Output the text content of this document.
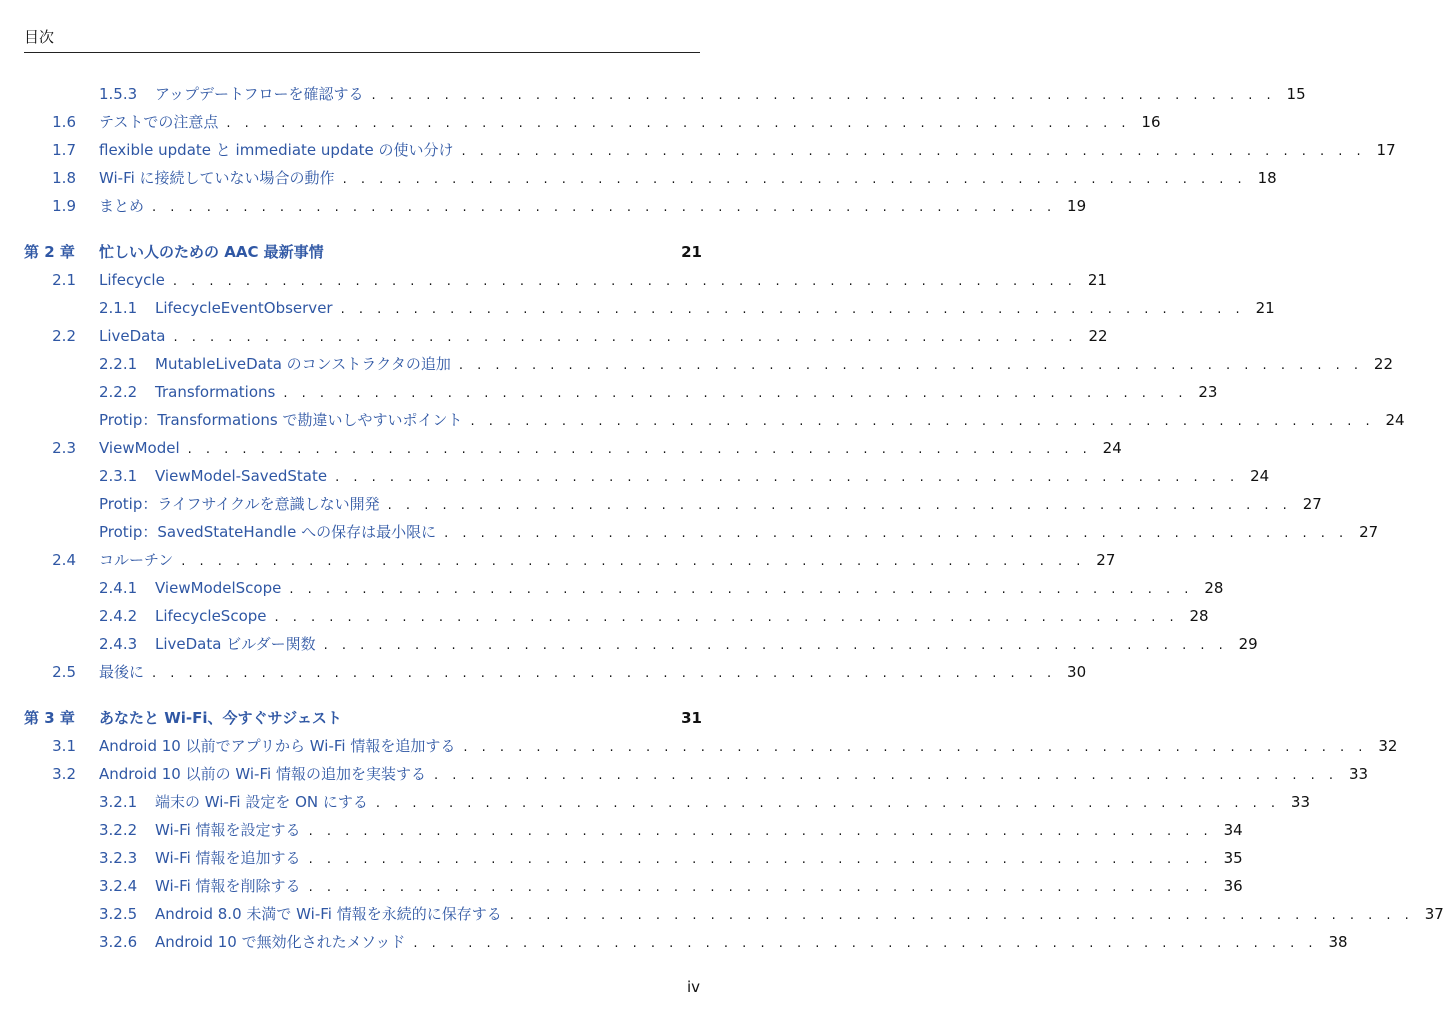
目次
1.5.3	アップデートフローを確認する . . . . . . . . . . . . . . . . . . . . . . . . . . . . . . . . . . . . . . . . . . . . . . . . . . 15
1.6	テストでの注意点 . . . . . . . . . . . . . . . . . . . . . . . . . . . . . . . . . . . . . . . . . . . . . . . . . . 16
1.7	flexible update と immediate update の使い分け . . . . . . . . . . . . . . . . . . . . . . . . . . . . . . . . . . . . . . . . . . . . . . . . . . 17
1.8	Wi-Fi に接続していない場合の動作 . . . . . . . . . . . . . . . . . . . . . . . . . . . . . . . . . . . . . . . . . . . . . . . . . . 18
1.9	まとめ . . . . . . . . . . . . . . . . . . . . . . . . . . . . . . . . . . . . . . . . . . . . . . . . . . 19
第 2 章	忙しい人のための AAC 最新事情	21
2.1	Lifecycle . . . . . . . . . . . . . . . . . . . . . . . . . . . . . . . . . . . . . . . . . . . . . . . . . . 21
2.1.1	LifecycleEventObserver . . . . . . . . . . . . . . . . . . . . . . . . . . . . . . . . . . . . . . . . . . . . . . . . . . 21
2.2	LiveData . . . . . . . . . . . . . . . . . . . . . . . . . . . . . . . . . . . . . . . . . . . . . . . . . . 22
2.2.1	MutableLiveData のコンストラクタの追加 . . . . . . . . . . . . . . . . . . . . . . . . . . . . . . . . . . . . . . . . . . . . . . . . . . 22
2.2.2	Transformations . . . . . . . . . . . . . . . . . . . . . . . . . . . . . . . . . . . . . . . . . . . . . . . . . . 23
Protip：Transformations で勘違いしやすいポイント . . . . . . . . . . . . . . . . . . . . . . . . . . . . . . . . . . . . . . . . . . . . . . . . . . 24
2.3	ViewModel . . . . . . . . . . . . . . . . . . . . . . . . . . . . . . . . . . . . . . . . . . . . . . . . . . 24
2.3.1	ViewModel-SavedState . . . . . . . . . . . . . . . . . . . . . . . . . . . . . . . . . . . . . . . . . . . . . . . . . . 24
Protip：ライフサイクルを意識しない開発 . . . . . . . . . . . . . . . . . . . . . . . . . . . . . . . . . . . . . . . . . . . . . . . . . . 27
Protip：SavedStateHandle への保存は最小限に . . . . . . . . . . . . . . . . . . . . . . . . . . . . . . . . . . . . . . . . . . . . . . . . . . 27
2.4	コルーチン . . . . . . . . . . . . . . . . . . . . . . . . . . . . . . . . . . . . . . . . . . . . . . . . . . 27
2.4.1	ViewModelScope . . . . . . . . . . . . . . . . . . . . . . . . . . . . . . . . . . . . . . . . . . . . . . . . . . 28
2.4.2	LifecycleScope . . . . . . . . . . . . . . . . . . . . . . . . . . . . . . . . . . . . . . . . . . . . . . . . . . 28
2.4.3	LiveData ビルダー関数 . . . . . . . . . . . . . . . . . . . . . . . . . . . . . . . . . . . . . . . . . . . . . . . . . . 29
2.5	最後に . . . . . . . . . . . . . . . . . . . . . . . . . . . . . . . . . . . . . . . . . . . . . . . . . . 30
第 3 章	あなたと Wi-Fi、今すぐサジェスト	31
3.1	Android 10 以前でアプリから Wi-Fi 情報を追加する . . . . . . . . . . . . . . . . . . . . . . . . . . . . . . . . . . . . . . . . . . . . . . . . . . 32
3.2	Android 10 以前の Wi-Fi 情報の追加を実装する . . . . . . . . . . . . . . . . . . . . . . . . . . . . . . . . . . . . . . . . . . . . . . . . . . 33
3.2.1	端末の Wi-Fi 設定を ON にする . . . . . . . . . . . . . . . . . . . . . . . . . . . . . . . . . . . . . . . . . . . . . . . . . . 33
3.2.2	Wi-Fi 情報を設定する . . . . . . . . . . . . . . . . . . . . . . . . . . . . . . . . . . . . . . . . . . . . . . . . . . 34
3.2.3	Wi-Fi 情報を追加する . . . . . . . . . . . . . . . . . . . . . . . . . . . . . . . . . . . . . . . . . . . . . . . . . . 35
3.2.4	Wi-Fi 情報を削除する . . . . . . . . . . . . . . . . . . . . . . . . . . . . . . . . . . . . . . . . . . . . . . . . . . 36
3.2.5	Android 8.0 未満で Wi-Fi 情報を永続的に保存する . . . . . . . . . . . . . . . . . . . . . . . . . . . . . . . . . . . . . . . . . . . . . . . . . . 37
3.2.6	Android 10 で無効化されたメソッド . . . . . . . . . . . . . . . . . . . . . . . . . . . . . . . . . . . . . . . . . . . . . . . . . . 38
iv
